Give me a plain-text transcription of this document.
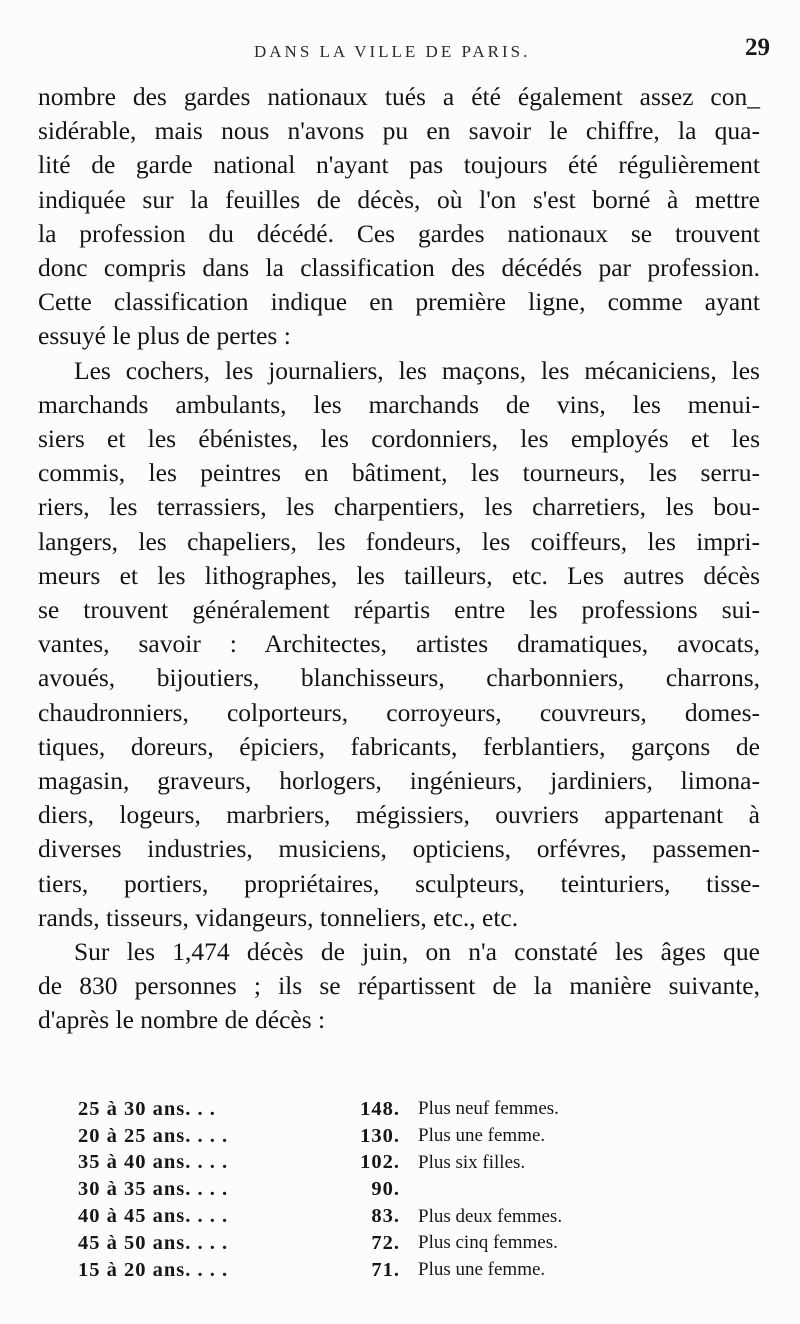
DANS LA VILLE DE PARIS.	29

nombre des gardes nationaux tués a été également assez con_

sidérable, mais nous n'avons pu en savoir le chiffre, la qua-

lité de garde national n'ayant pas toujours été régulièrement

indiquée sur la feuilles de décès, où l'on s'est borné à mettre

la profession du décédé. Ces gardes nationaux se trouvent

donc compris dans la classification des décédés par profession.

Cette classification indique en première ligne, comme ayant

essuyé le plus de pertes :

Les cochers, les journaliers, les maçons, les mécaniciens, les

marchands ambulants, les marchands de vins, les menui-

siers et les ébénistes, les cordonniers, les employés et les

commis, les peintres en bâtiment, les tourneurs, les serru-

riers, les terrassiers, les charpentiers, les charretiers, les bou-

langers, les chapeliers, les fondeurs, les coiffeurs, les impri-

meurs et les lithographes, les tailleurs, etc. Les autres décès

se trouvent généralement répartis entre les professions sui-

vantes, savoir : Architectes, artistes dramatiques, avocats,

avoués, bijoutiers, blanchisseurs, charbonniers, charrons,

chaudronniers, colporteurs, corroyeurs, couvreurs, domes-

tiques, doreurs, épiciers, fabricants, ferblantiers, garçons de

magasin, graveurs, horlogers, ingénieurs, jardiniers, limona-

diers, logeurs, marbriers, mégissiers, ouvriers appartenant à

diverses industries, musiciens, opticiens, orfévres, passemen-

tiers, portiers, propriétaires, sculpteurs, teinturiers, tisse-

rands, tisseurs, vidangeurs, tonneliers, etc., etc.

Sur les 1,474 décès de juin, on n'a constaté les âges que

de 830 personnes ; ils se répartissent de la manière suivante,

d'après le nombre de décès :

25 à 30 ans. . .	148. Plus neuf femmes.
20 à 25 ans. . . .	130. Plus une femme.
35 à 40 ans. . . .	102. Plus six filles.
30 à 35 ans. . . .	90.
40 à 45 ans. . . .	83. Plus deux femmes.
45 à 50 ans. . . .	72. Plus cinq femmes.
15 à 20 ans. . . .	71. Plus une femme.
